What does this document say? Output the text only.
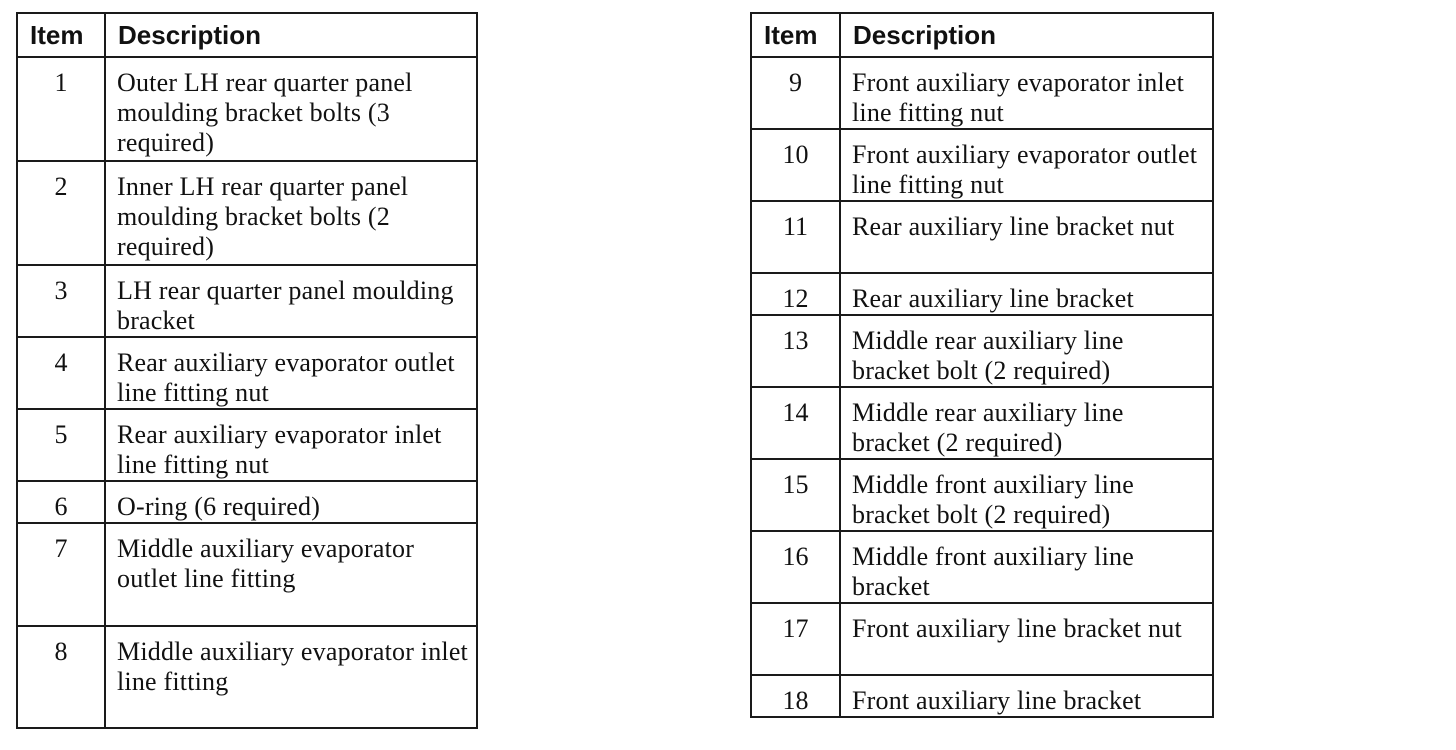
Item	Description
1	Outer LH rear quarter panel moulding bracket bolts (3 required)
2	Inner LH rear quarter panel moulding bracket bolts (2 required)
3	LH rear quarter panel moulding bracket
4	Rear auxiliary evaporator outlet line fitting nut
5	Rear auxiliary evaporator inlet line fitting nut
6	O-ring (6 required)
7	Middle auxiliary evaporator outlet line fitting
8	Middle auxiliary evaporator inlet line fitting
Item	Description
9	Front auxiliary evaporator inlet line fitting nut
10	Front auxiliary evaporator outlet line fitting nut
11	Rear auxiliary line bracket nut
12	Rear auxiliary line bracket
13	Middle rear auxiliary line bracket bolt (2 required)
14	Middle rear auxiliary line bracket (2 required)
15	Middle front auxiliary line bracket bolt (2 required)
16	Middle front auxiliary line bracket
17	Front auxiliary line bracket nut
18	Front auxiliary line bracket
